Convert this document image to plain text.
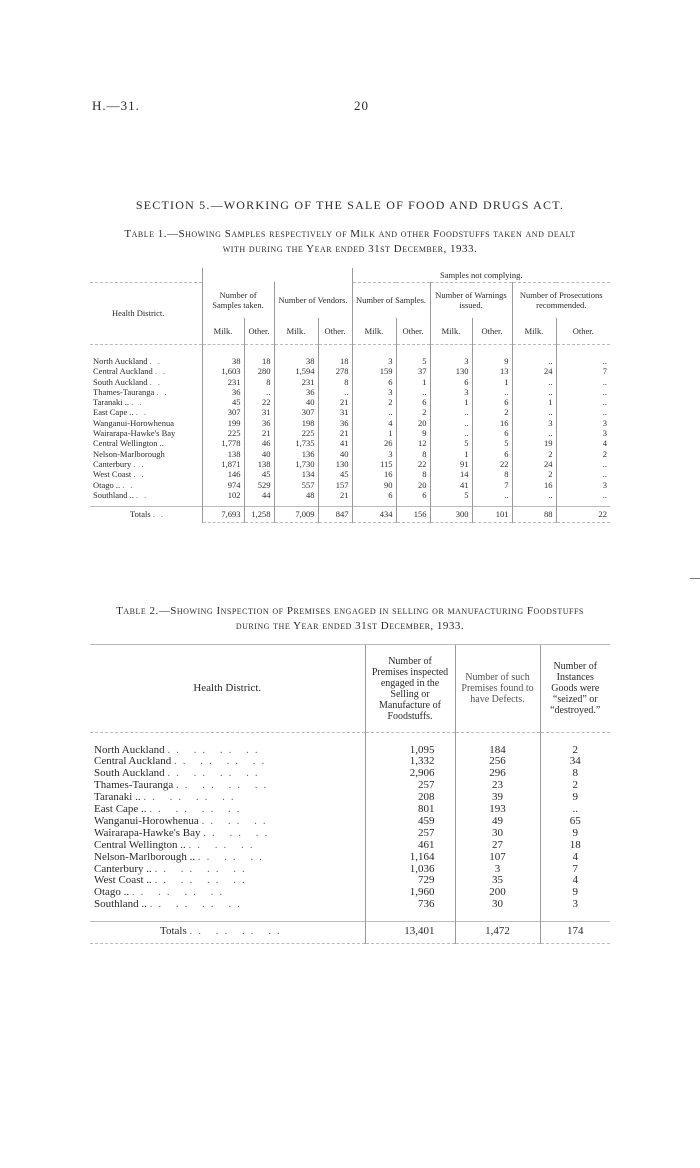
H.—31.	20
SECTION 5.—WORKING OF THE SALE OF FOOD AND DRUGS ACT.
Table 1.—Showing Samples respectively of Milk and other Foodstuffs taken and dealt
with during the Year ended 31st December, 1933.
					Samples not complying.					
Health District.	Number of Samples taken.		Number of Vendors.		Number of Samples.		Number of Warnings issued.		Number of Prosecutions recommended.	
	Milk.	Other.	Milk.	Other.	Milk.	Other.	Milk.	Other.	Milk.	Other.

North Auckland ..	38	18	38	18	3	5	3	9	..	..
Central Auckland ..	1,603	280	1,594	278	159	37	130	13	24	7
South Auckland ..	231	8	231	8	6	1	6	1	..	..
Thames-Tauranga ..	36	..	36	..	3	..	3	..	..	..
Taranaki .. ..	45	22	40	21	2	6	1	6	1	..
East Cape .. ..	307	31	307	31	..	2	..	2	..	..
Wanganui-Horowhenua	199	36	198	36	4	20	..	16	3	3
Wairarapa-Hawke's Bay	225	21	225	21	1	9	..	6	..	3
Central Wellington ..	1,778	46	1,735	41	26	12	5	5	19	4
Nelson-Marlborough	138	40	136	40	3	8	1	6	2	2
Canterbury ..	1,871	138	1,730	130	115	22	91	22	24	..
West Coast ..	146	45	134	45	16	8	14	8	2	..
Otago .. ..	974	529	557	157	90	20	41	7	16	3
Southland .. ..	102	44	48	21	6	6	5	..	..	..

Totals ..	7,693	1,258	7,009	847	434	156	300	101	88	22
Table 2.—Showing Inspection of Premises engaged in selling or manufacturing Foodstuffs
during the Year ended 31st December, 1933.
Health District.	Number of Premises inspected engaged in the Selling or Manufacture of Foodstuffs.	Number of such Premises found to have Defects.	Number of Instances Goods were “seized” or “destroyed.”

North Auckland .. .. .. ..	1,095	184	2
Central Auckland .. .. .. ..	1,332	256	34
South Auckland .. .. .. ..	2,906	296	8
Thames-Tauranga .. .. .. ..	257	23	2
Taranaki .. .. .. .. ..	208	39	9
East Cape .. .. .. .. ..	801	193	..
Wanganui-Horowhenua .. .. ..	459	49	65
Wairarapa-Hawke's Bay .. .. ..	257	30	9
Central Wellington .. .. .. ..	461	27	18
Nelson-Marlborough .. .. .. ..	1,164	107	4
Canterbury .. .. .. .. ..	1,036	3	7
West Coast .. .. .. .. ..	729	35	4
Otago .. .. .. .. ..	1,960	200	9
Southland .. .. .. .. ..	736	30	3

Totals .. .. .. ..	13,401	1,472	174
